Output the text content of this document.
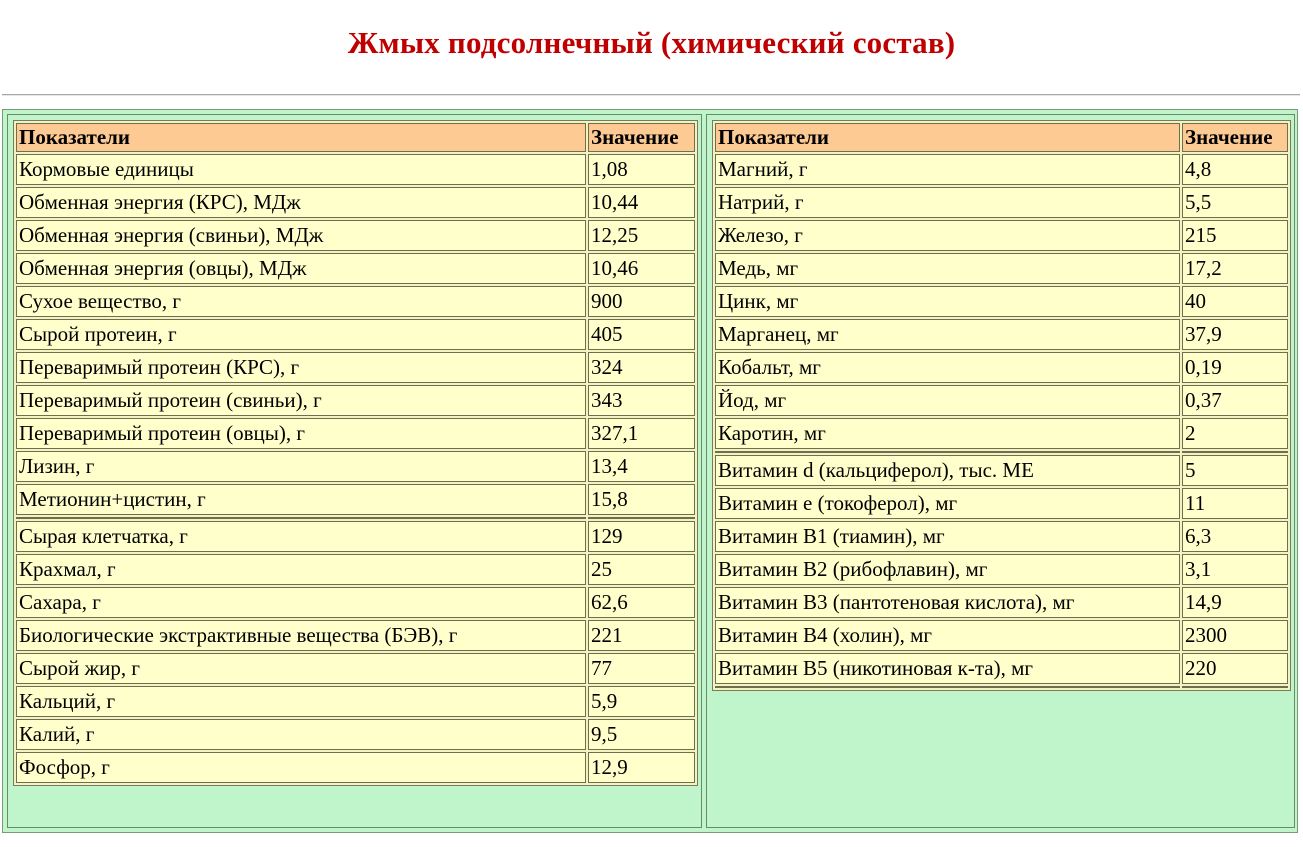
Жмых подсолнечный (химический состав)
Показатели	Значение
Кормовые единицы	1,08
Обменная энергия (КРС), МДж	10,44
Обменная энергия (свиньи), МДж	12,25
Обменная энергия (овцы), МДж	10,46
Сухое вещество, г	900
Сырой протеин, г	405
Переваримый протеин (КРС), г	324
Переваримый протеин (свиньи), г	343
Переваримый протеин (овцы), г	327,1
Лизин, г	13,4
Метионин+цистин, г	15,8

Сырая клетчатка, г	129
Крахмал, г	25
Сахара, г	62,6
Биологические экстрактивные вещества (БЭВ), г	221
Сырой жир, г	77
Кальций, г	5,9
Калий, г	9,5
Фосфор, г	12,9
Показатели	Значение
Магний, г	4,8
Натрий, г	5,5
Железо, г	215
Медь, мг	17,2
Цинк, мг	40
Марганец, мг	37,9
Кобальт, мг	0,19
Йод, мг	0,37
Каротин, мг	2

Витамин d (кальциферол), тыс. МЕ	5
Витамин е (токоферол), мг	11
Витамин B1 (тиамин), мг	6,3
Витамин B2 (рибофлавин), мг	3,1
Витамин B3 (пантотеновая кислота), мг	14,9
Витамин B4 (холин), мг	2300
Витамин B5 (никотиновая к-та), мг	220
